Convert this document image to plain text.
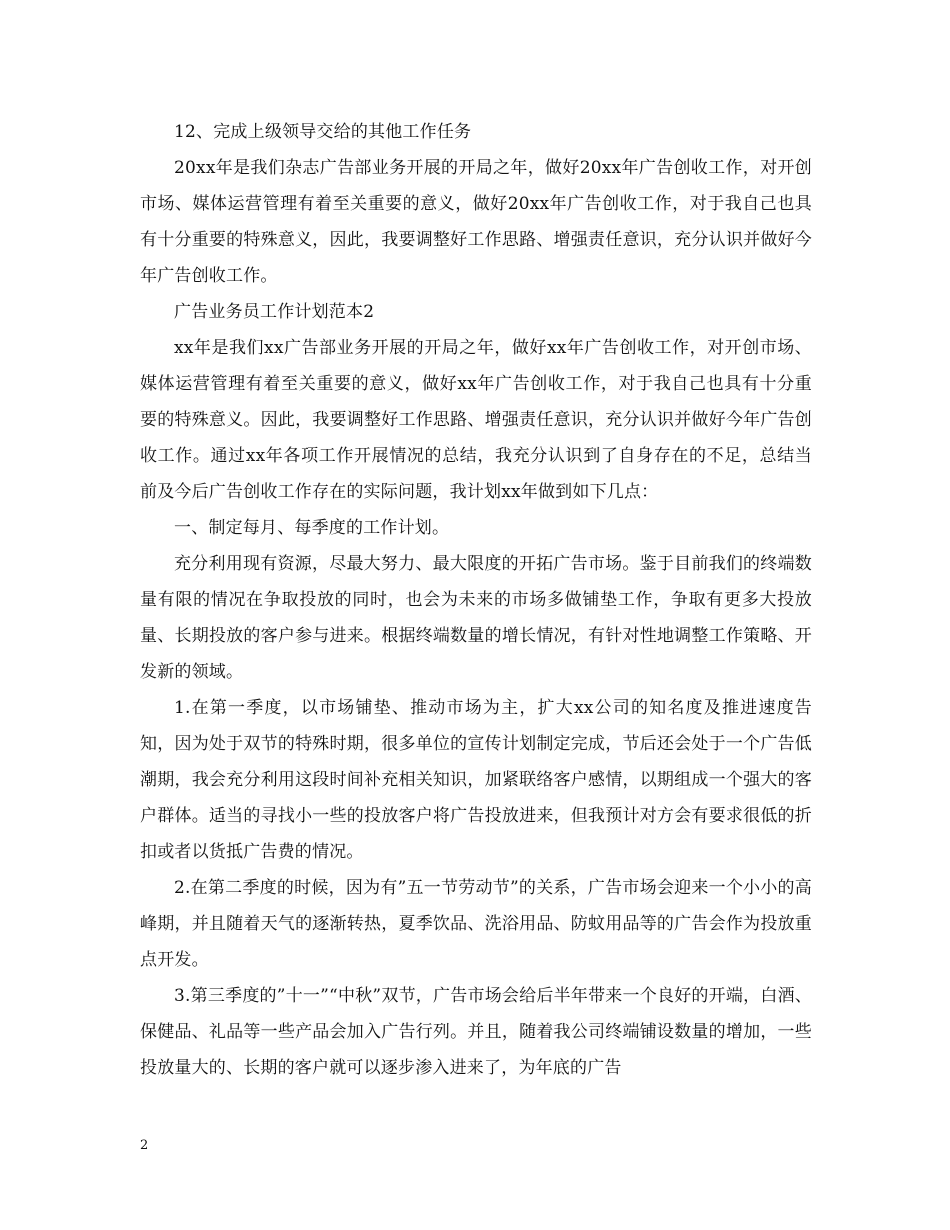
12、完成上级领导交给的其他工作任务

20xx年是我们杂志广告部业务开展的开局之年，做好20xx年广告创收工作，对开创市场、媒体运营管理有着至关重要的意义，做好20xx年广告创收工作，对于我自己也具有十分重要的特殊意义，因此，我要调整好工作思路、增强责任意识，充分认识并做好今年广告创收工作。

广告业务员工作计划范本2

xx年是我们xx广告部业务开展的开局之年，做好xx年广告创收工作，对开创市场、媒体运营管理有着至关重要的意义，做好xx年广告创收工作，对于我自己也具有十分重要的特殊意义。因此，我要调整好工作思路、增强责任意识，充分认识并做好今年广告创收工作。通过xx年各项工作开展情况的总结，我充分认识到了自身存在的不足，总结当前及今后广告创收工作存在的实际问题，我计划xx年做到如下几点：

一、制定每月、每季度的工作计划。

充分利用现有资源，尽最大努力、最大限度的开拓广告市场。鉴于目前我们的终端数量有限的情况在争取投放的同时，也会为未来的市场多做铺垫工作，争取有更多大投放量、长期投放的客户参与进来。根据终端数量的增长情况，有针对性地调整工作策略、开发新的领域。

1.在第一季度，以市场铺垫、推动市场为主，扩大xx公司的知名度及推进速度告知，因为处于双节的特殊时期，很多单位的宣传计划制定完成，节后还会处于一个广告低潮期，我会充分利用这段时间补充相关知识，加紧联络客户感情，以期组成一个强大的客户群体。适当的寻找小一些的投放客户将广告投放进来，但我预计对方会有要求很低的折扣或者以货抵广告费的情况。

2.在第二季度的时候，因为有”五一节劳动节”的关系，广告市场会迎来一个小小的高峰期，并且随着天气的逐渐转热，夏季饮品、洗浴用品、防蚊用品等的广告会作为投放重点开发。

3.第三季度的”十一”“中秋”双节，广告市场会给后半年带来一个良好的开端，白酒、保健品、礼品等一些产品会加入广告行列。并且，随着我公司终端铺设数量的增加，一些投放量大的、长期的客户就可以逐步渗入进来了，为年底的广告

2
